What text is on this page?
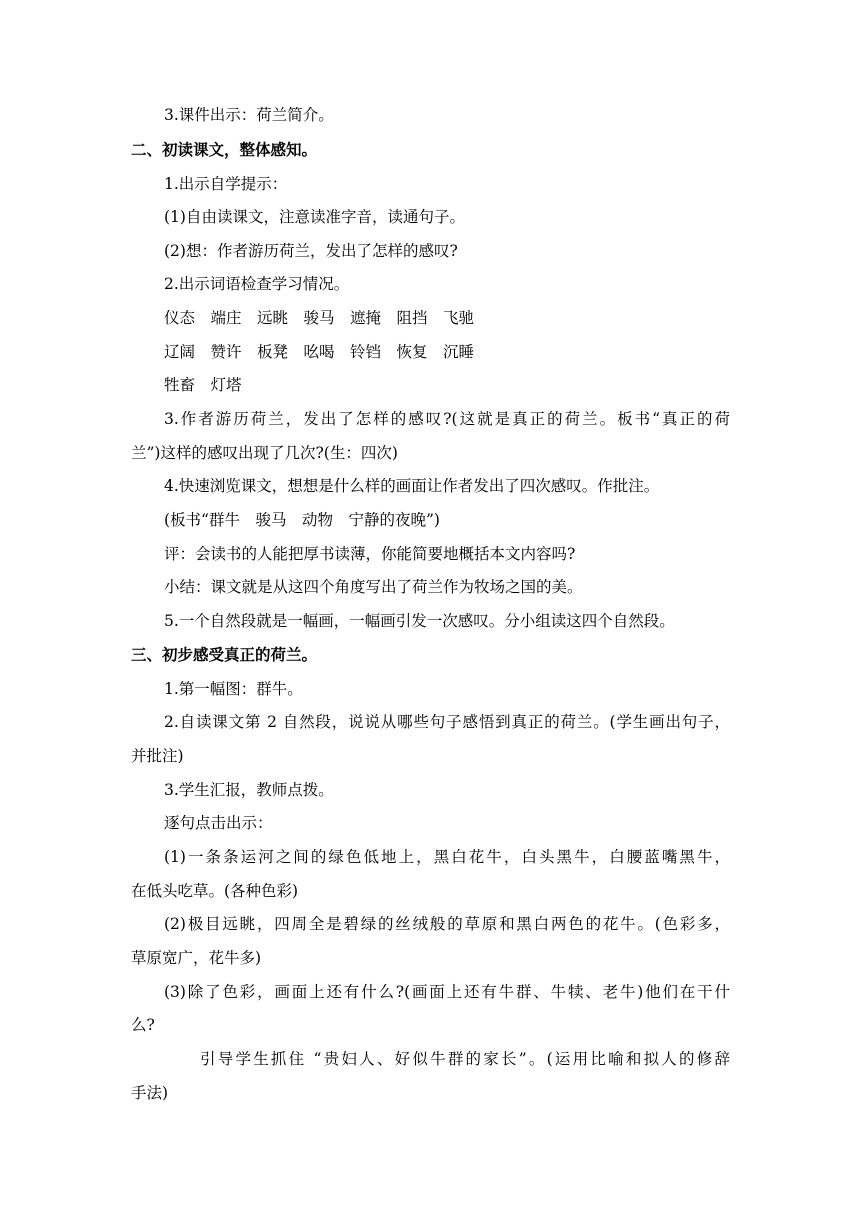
3.课件出示：荷兰简介。
二、初读课文，整体感知。
1.出示自学提示：
(1)自由读课文，注意读准字音，读通句子。
(2)想：作者游历荷兰，发出了怎样的感叹?
2.出示词语检查学习情况。
仪态　端庄　远眺　骏马　遮掩　阻挡　飞驰
辽阔　赞许　板凳　吆喝　铃铛　恢复　沉睡
牲畜　灯塔
3.作者游历荷兰，发出了怎样的感叹?(这就是真正的荷兰。板书“真正的荷
兰”)这样的感叹出现了几次?(生：四次)
4.快速浏览课文，想想是什么样的画面让作者发出了四次感叹。作批注。
(板书“群牛　骏马　动物　宁静的夜晚”)
评：会读书的人能把厚书读薄，你能简要地概括本文内容吗?
小结：课文就是从这四个角度写出了荷兰作为牧场之国的美。
5.一个自然段就是一幅画，一幅画引发一次感叹。分小组读这四个自然段。
三、初步感受真正的荷兰。
1.第一幅图：群牛。
2.自读课文第 2 自然段，说说从哪些句子感悟到真正的荷兰。(学生画出句子，
并批注)
3.学生汇报，教师点拨。
逐句点击出示：
(1)一条条运河之间的绿色低地上，黑白花牛，白头黑牛，白腰蓝嘴黑牛，
在低头吃草。(各种色彩)
(2)极目远眺，四周全是碧绿的丝绒般的草原和黑白两色的花牛。(色彩多，
草原宽广，花牛多)
(3)除了色彩，画面上还有什么?(画面上还有牛群、牛犊、老牛)他们在干什
么?
引导学生抓住 “贵妇人、好似牛群的家长”。(运用比喻和拟人的修辞
手法)
